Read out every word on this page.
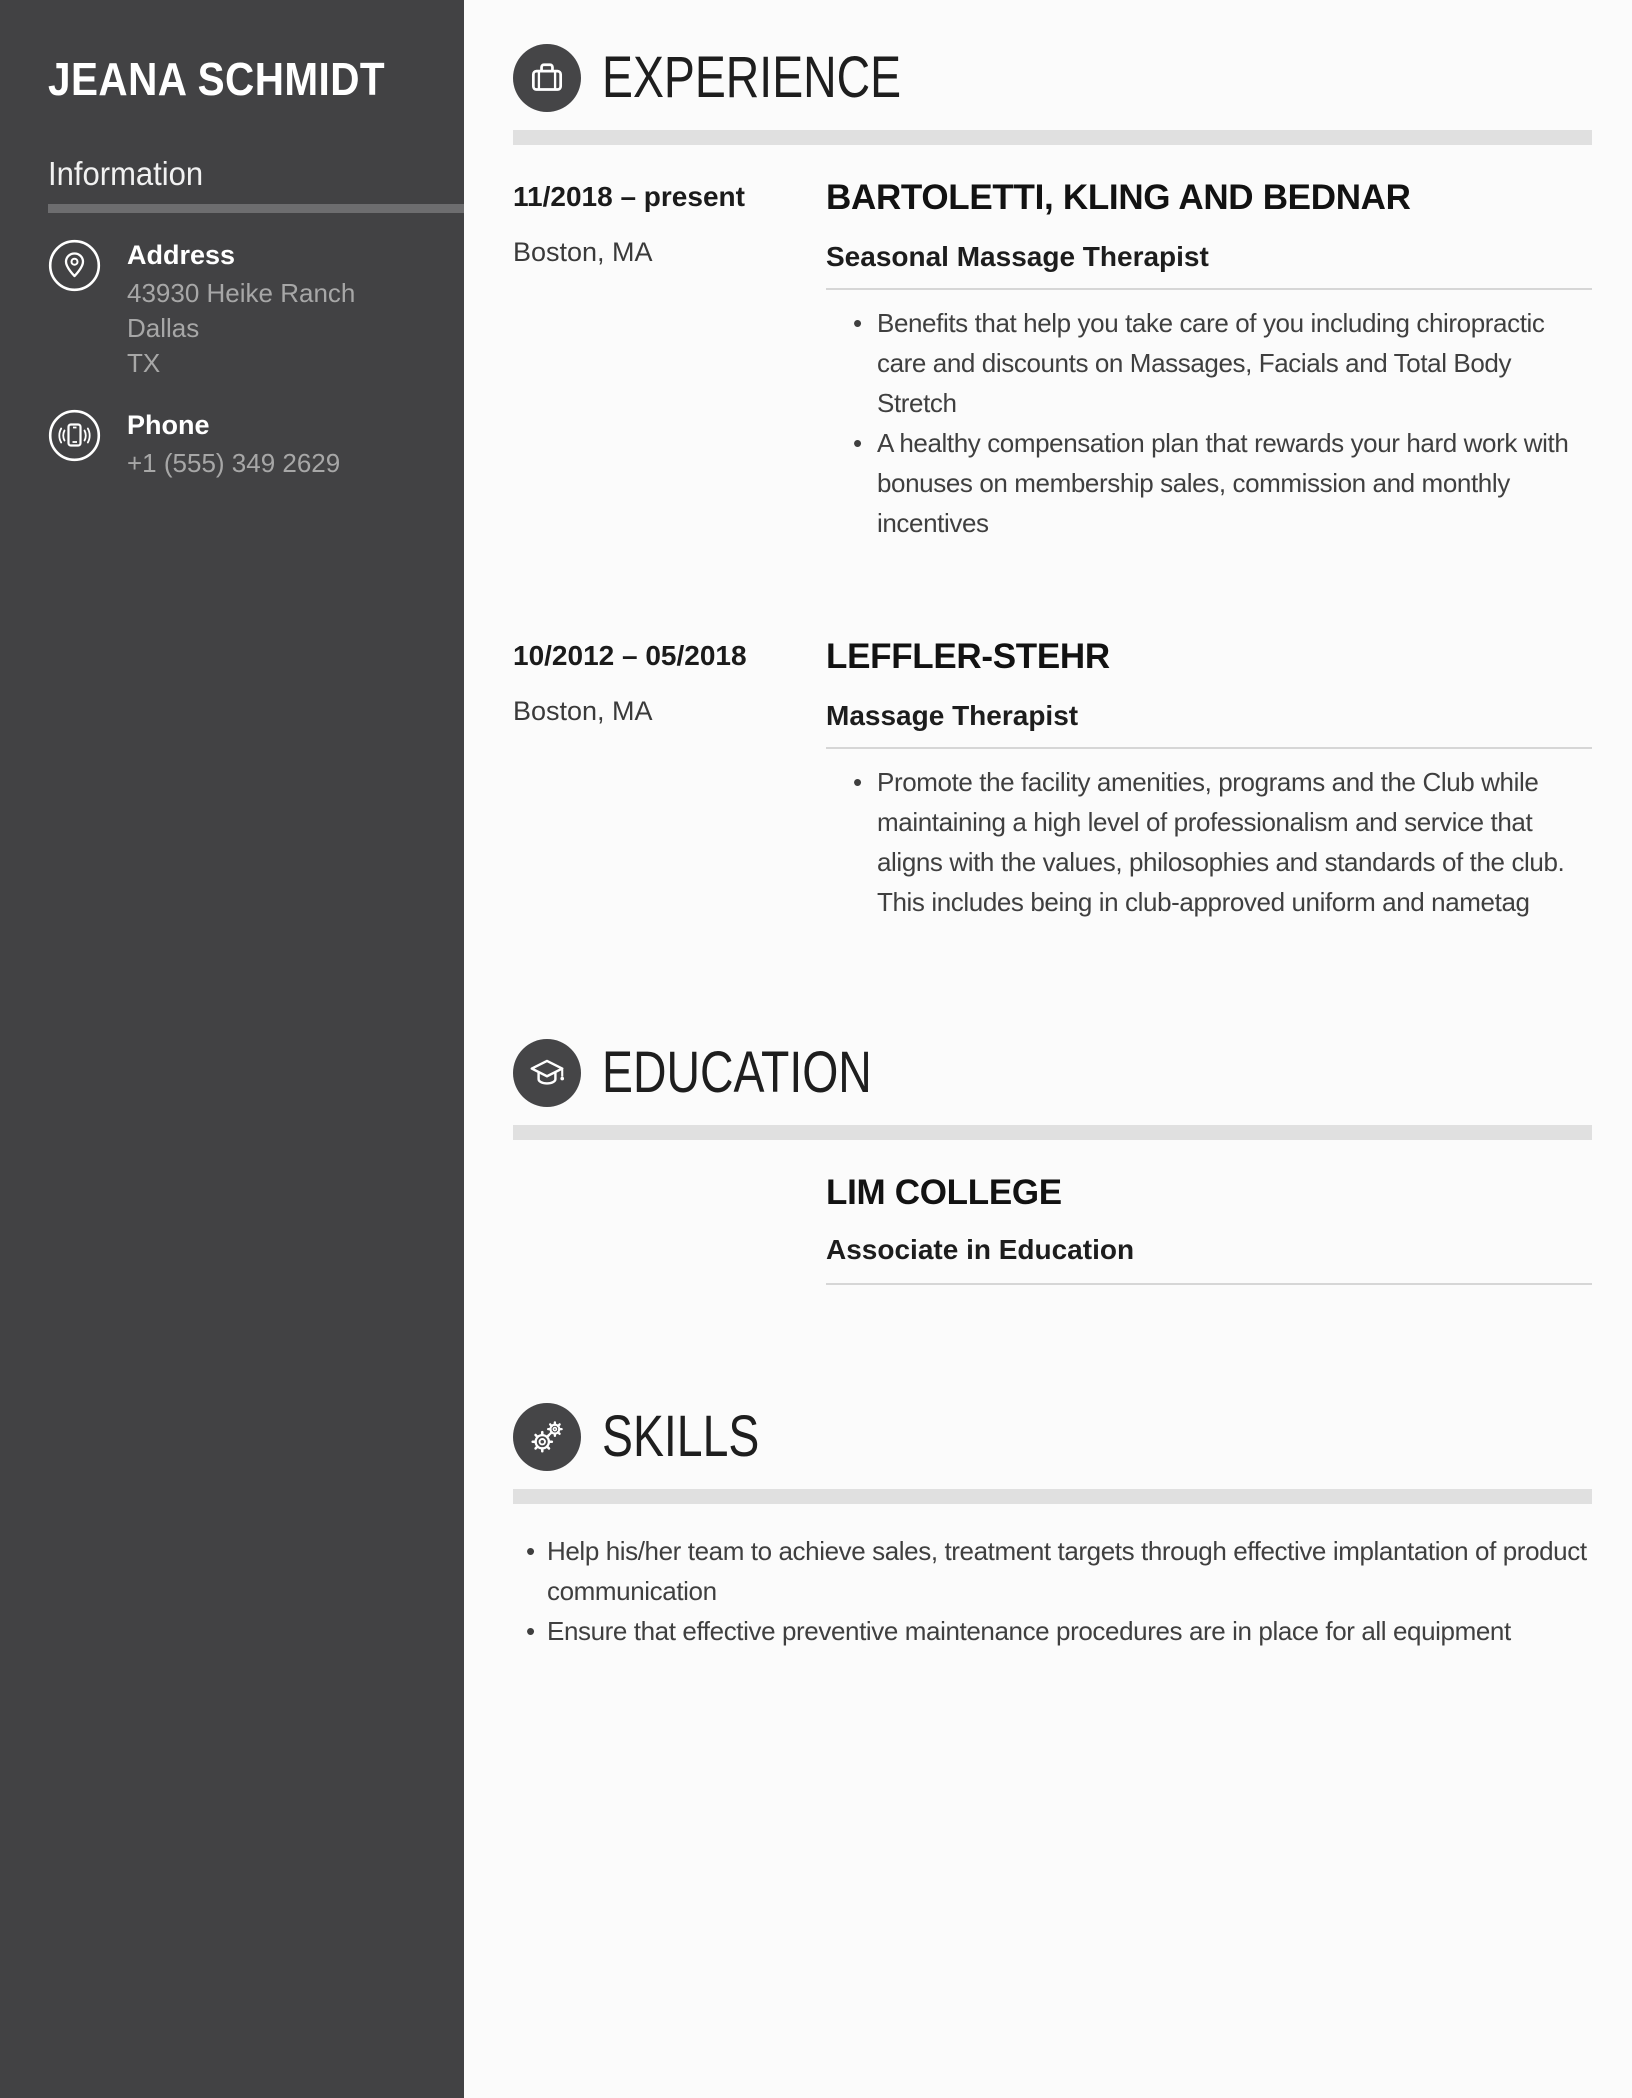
JEANA SCHMIDT
Information
Address
43930 Heike Ranch
Dallas
TX
Phone
+1 (555) 349 2629
EXPERIENCE
11/2018 – present
Boston, MA
BARTOLETTI, KLING AND BEDNAR
Seasonal Massage Therapist
• Benefits that help you take care of you including chiropractic care and discounts on Massages, Facials and Total Body Stretch
• A healthy compensation plan that rewards your hard work with bonuses on membership sales, commission and monthly incentives
10/2012 – 05/2018
Boston, MA
LEFFLER-STEHR
Massage Therapist
• Promote the facility amenities, programs and the Club while maintaining a high level of professionalism and service that aligns with the values, philosophies and standards of the club. This includes being in club-approved uniform and nametag
EDUCATION
LIM COLLEGE
Associate in Education
SKILLS
• Help his/her team to achieve sales, treatment targets through effective implantation of product communication
• Ensure that effective preventive maintenance procedures are in place for all equipment
